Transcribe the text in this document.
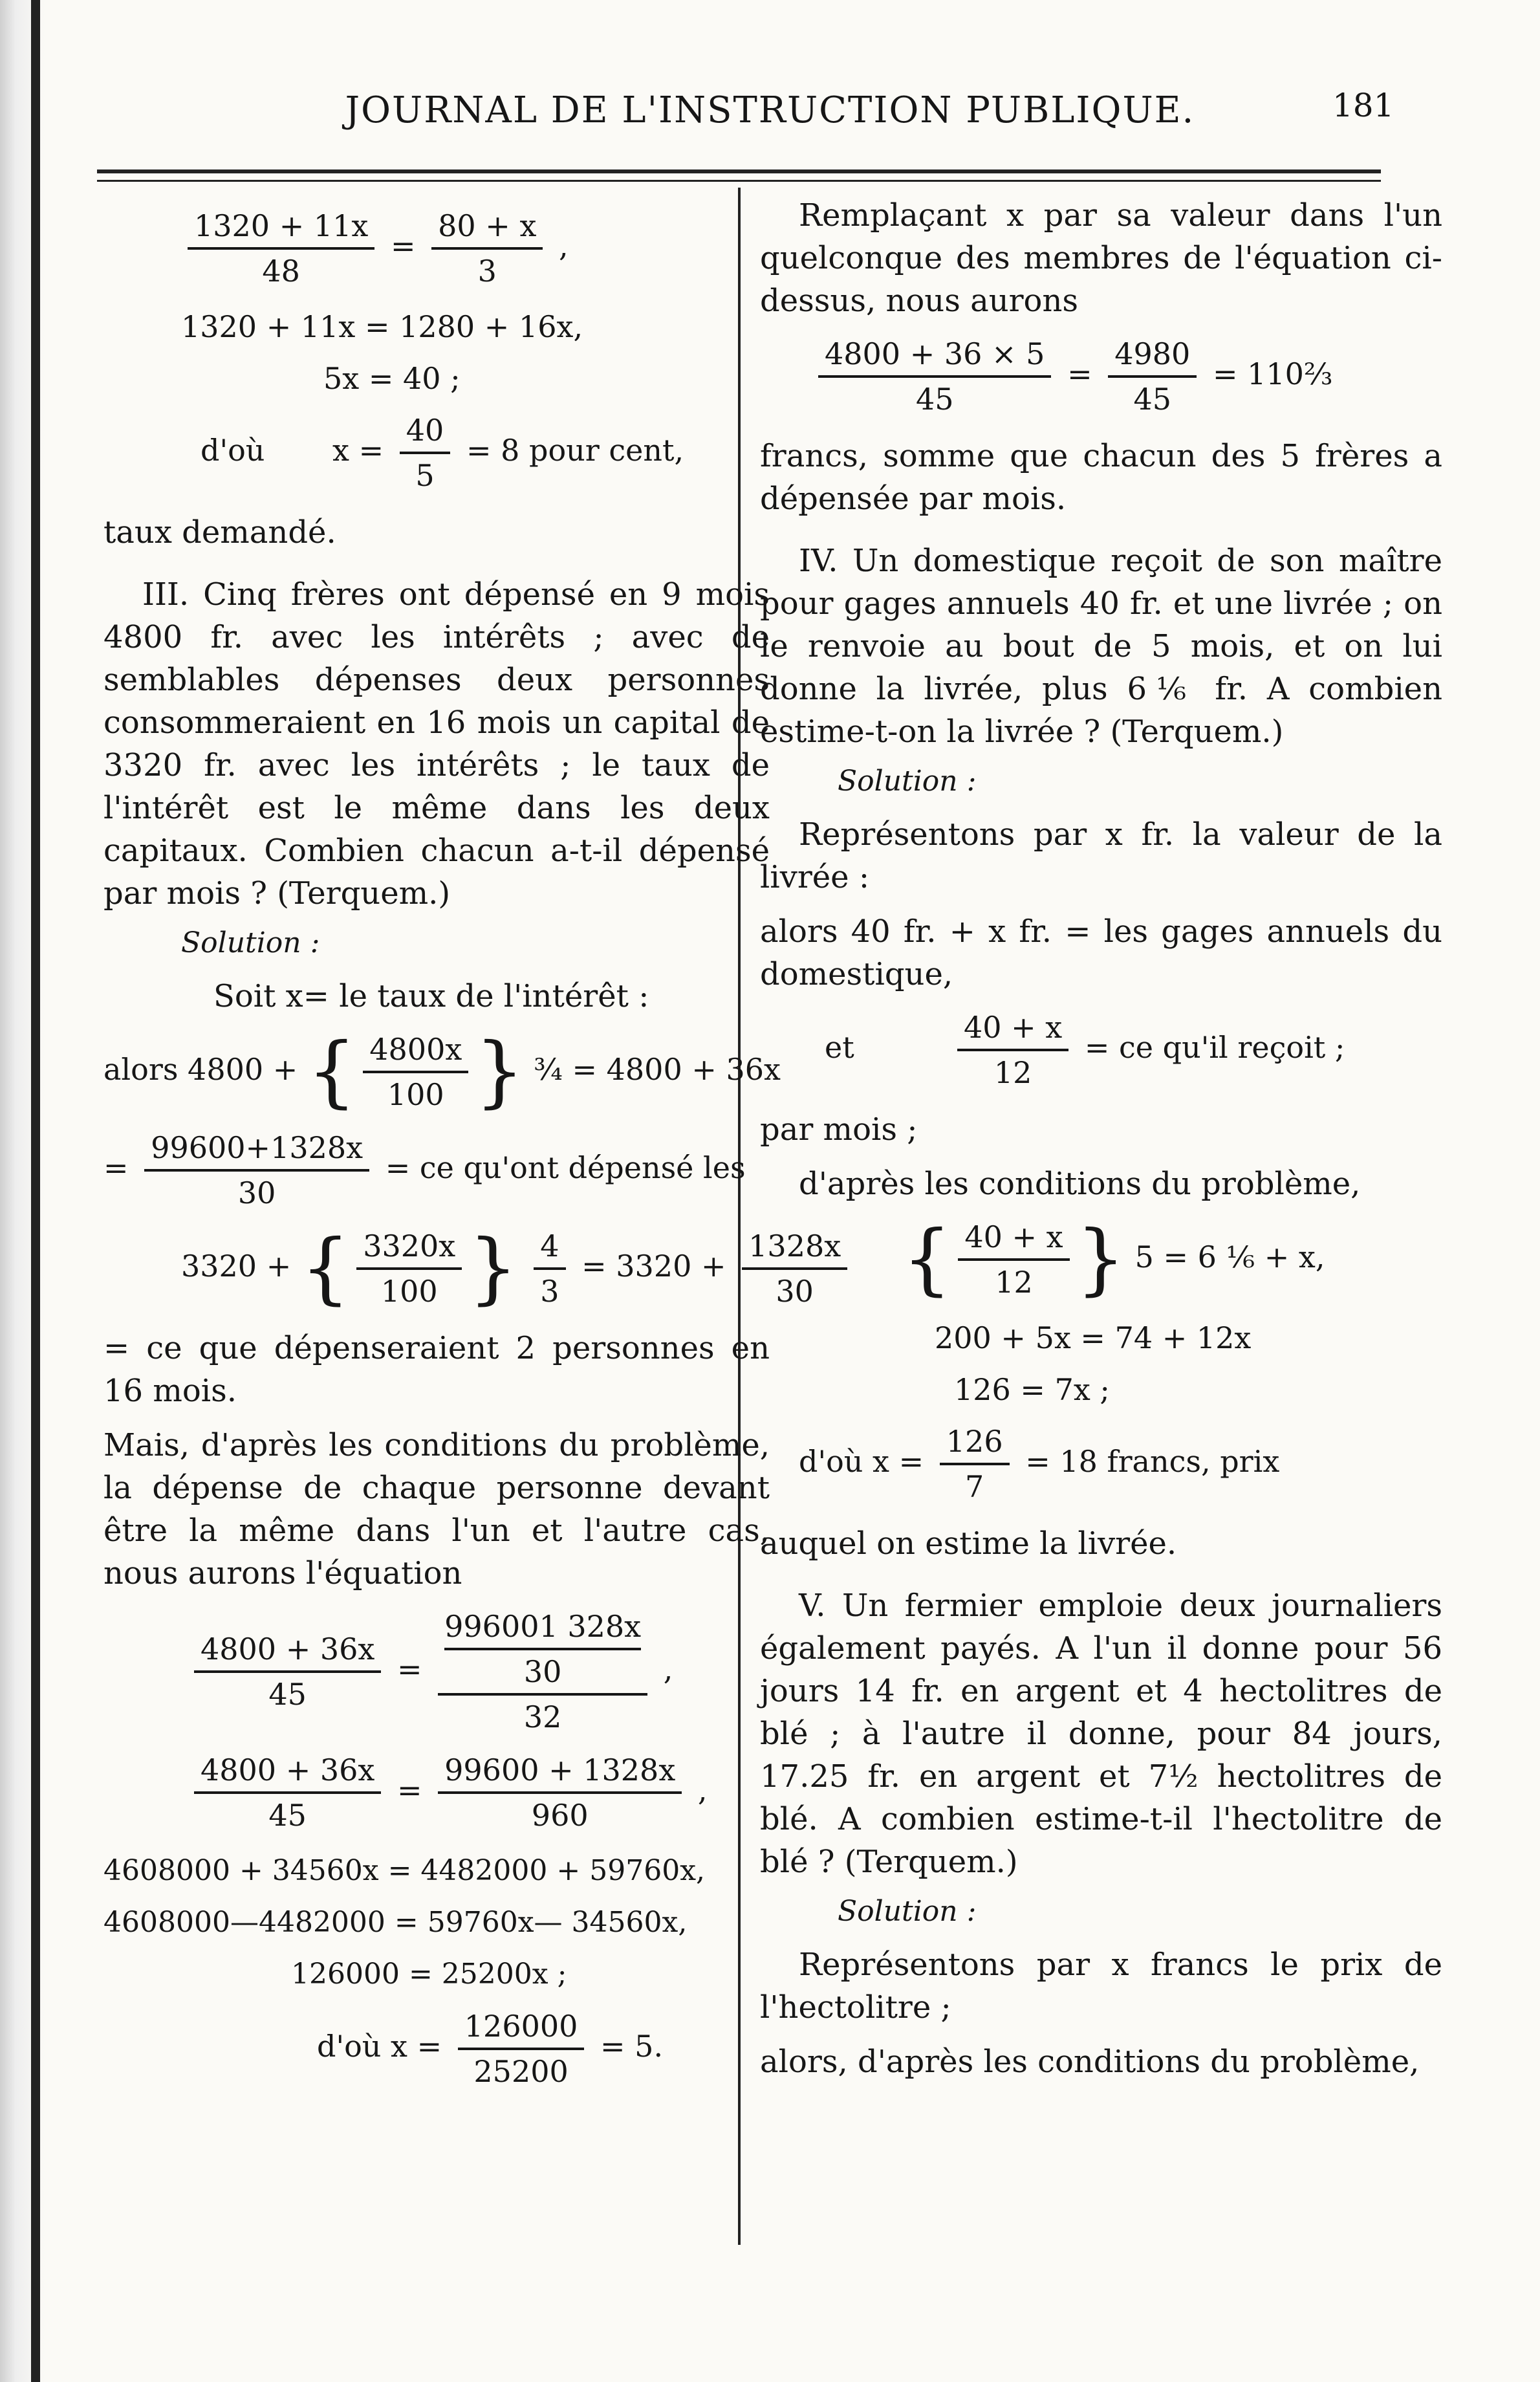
JOURNAL DE L'INSTRUCTION PUBLIQUE.	181
$\frac{1320 + 11x}{48} = \frac{80 + x}{3}$ ,
1320 + 11x = 1280 + 16x,
5x = 40 ;
d'où $x = \frac{40}{5} = 8$ pour cent,
taux demandé.
III. Cinq frères ont dépensé en 9 mois 4800 fr. avec les intérêts ; avec de semblables dépenses deux personnes consommeraient en 16 mois un capital de 3320 fr. avec les intérêts ; le taux de l'intérêt est le même dans les deux capitaux. Combien chacun a-t-il dépensé par mois ? (Terquem.)
Solution :
Soit x= le taux de l'intérêt :
alors 4800 + { $\frac{4800x}{100}$ } ¾ = 4800 + 36x
= $\frac{99600+1328x}{30}$ = ce qu'ont dépensé les
3320 + { $\frac{3320x}{100}$ } $\frac{4}{3} = 3320 + \frac{1328x}{30}$
= ce que dépenseraient 2 personnes en 16 mois.
Mais, d'après les conditions du problème, la dépense de chaque personne devant être la même dans l'un et l'autre cas, nous aurons l'équation
$\frac{4800 + 36x}{45} = 996001$ 328x
30
32 ,
$\frac{4800 + 36x}{45} = \frac{99600 + 1328x}{960}$ ,
4608000 + 34560x = 4482000 + 59760x,
4608000—4482000 = 59760x— 34560x,
126000 = 25200x ;
d'où $x = \frac{126000}{25200} = 5$.
Remplaçant x par sa valeur dans l'un quelconque des membres de l'équation ci-dessus, nous aurons
$\frac{4800 + 36 \times 5}{45} = \frac{4980}{45}$ = 110⅔
francs, somme que chacun des 5 frères a dépensée par mois.
IV. Un domestique reçoit de son maître pour gages annuels 40 fr. et une livrée ; on le renvoie au bout de 5 mois, et on lui donne la livrée, plus 6⅙ fr. A combien estime-t-on la livrée ? (Terquem.)
Solution :
Représentons par x fr. la valeur de la livrée :
alors 40 fr. + x fr. = les gages annuels du domestique,
et	$\frac{40 + x}{12}$ = ce qu'il reçoit ;
par mois ;
d'après les conditions du problème,
{ $\frac{40 + x}{12}$ } 5 = 6 ⅙ + x,
200 + 5x = 74 + 12x
126 = 7x ;
d'où $x = \frac{126}{7} = 18$ francs, prix
auquel on estime la livrée.
V. Un fermier emploie deux journaliers également payés. A l'un il donne pour 56 jours 14 fr. en argent et 4 hectolitres de blé ; à l'autre il donne, pour 84 jours, 17.25 fr. en argent et 7½ hectolitres de blé. A combien estime-t-il l'hectolitre de blé ? (Terquem.)
Solution :
Représentons par x francs le prix de l'hectolitre ;
alors, d'après les conditions du problème,
